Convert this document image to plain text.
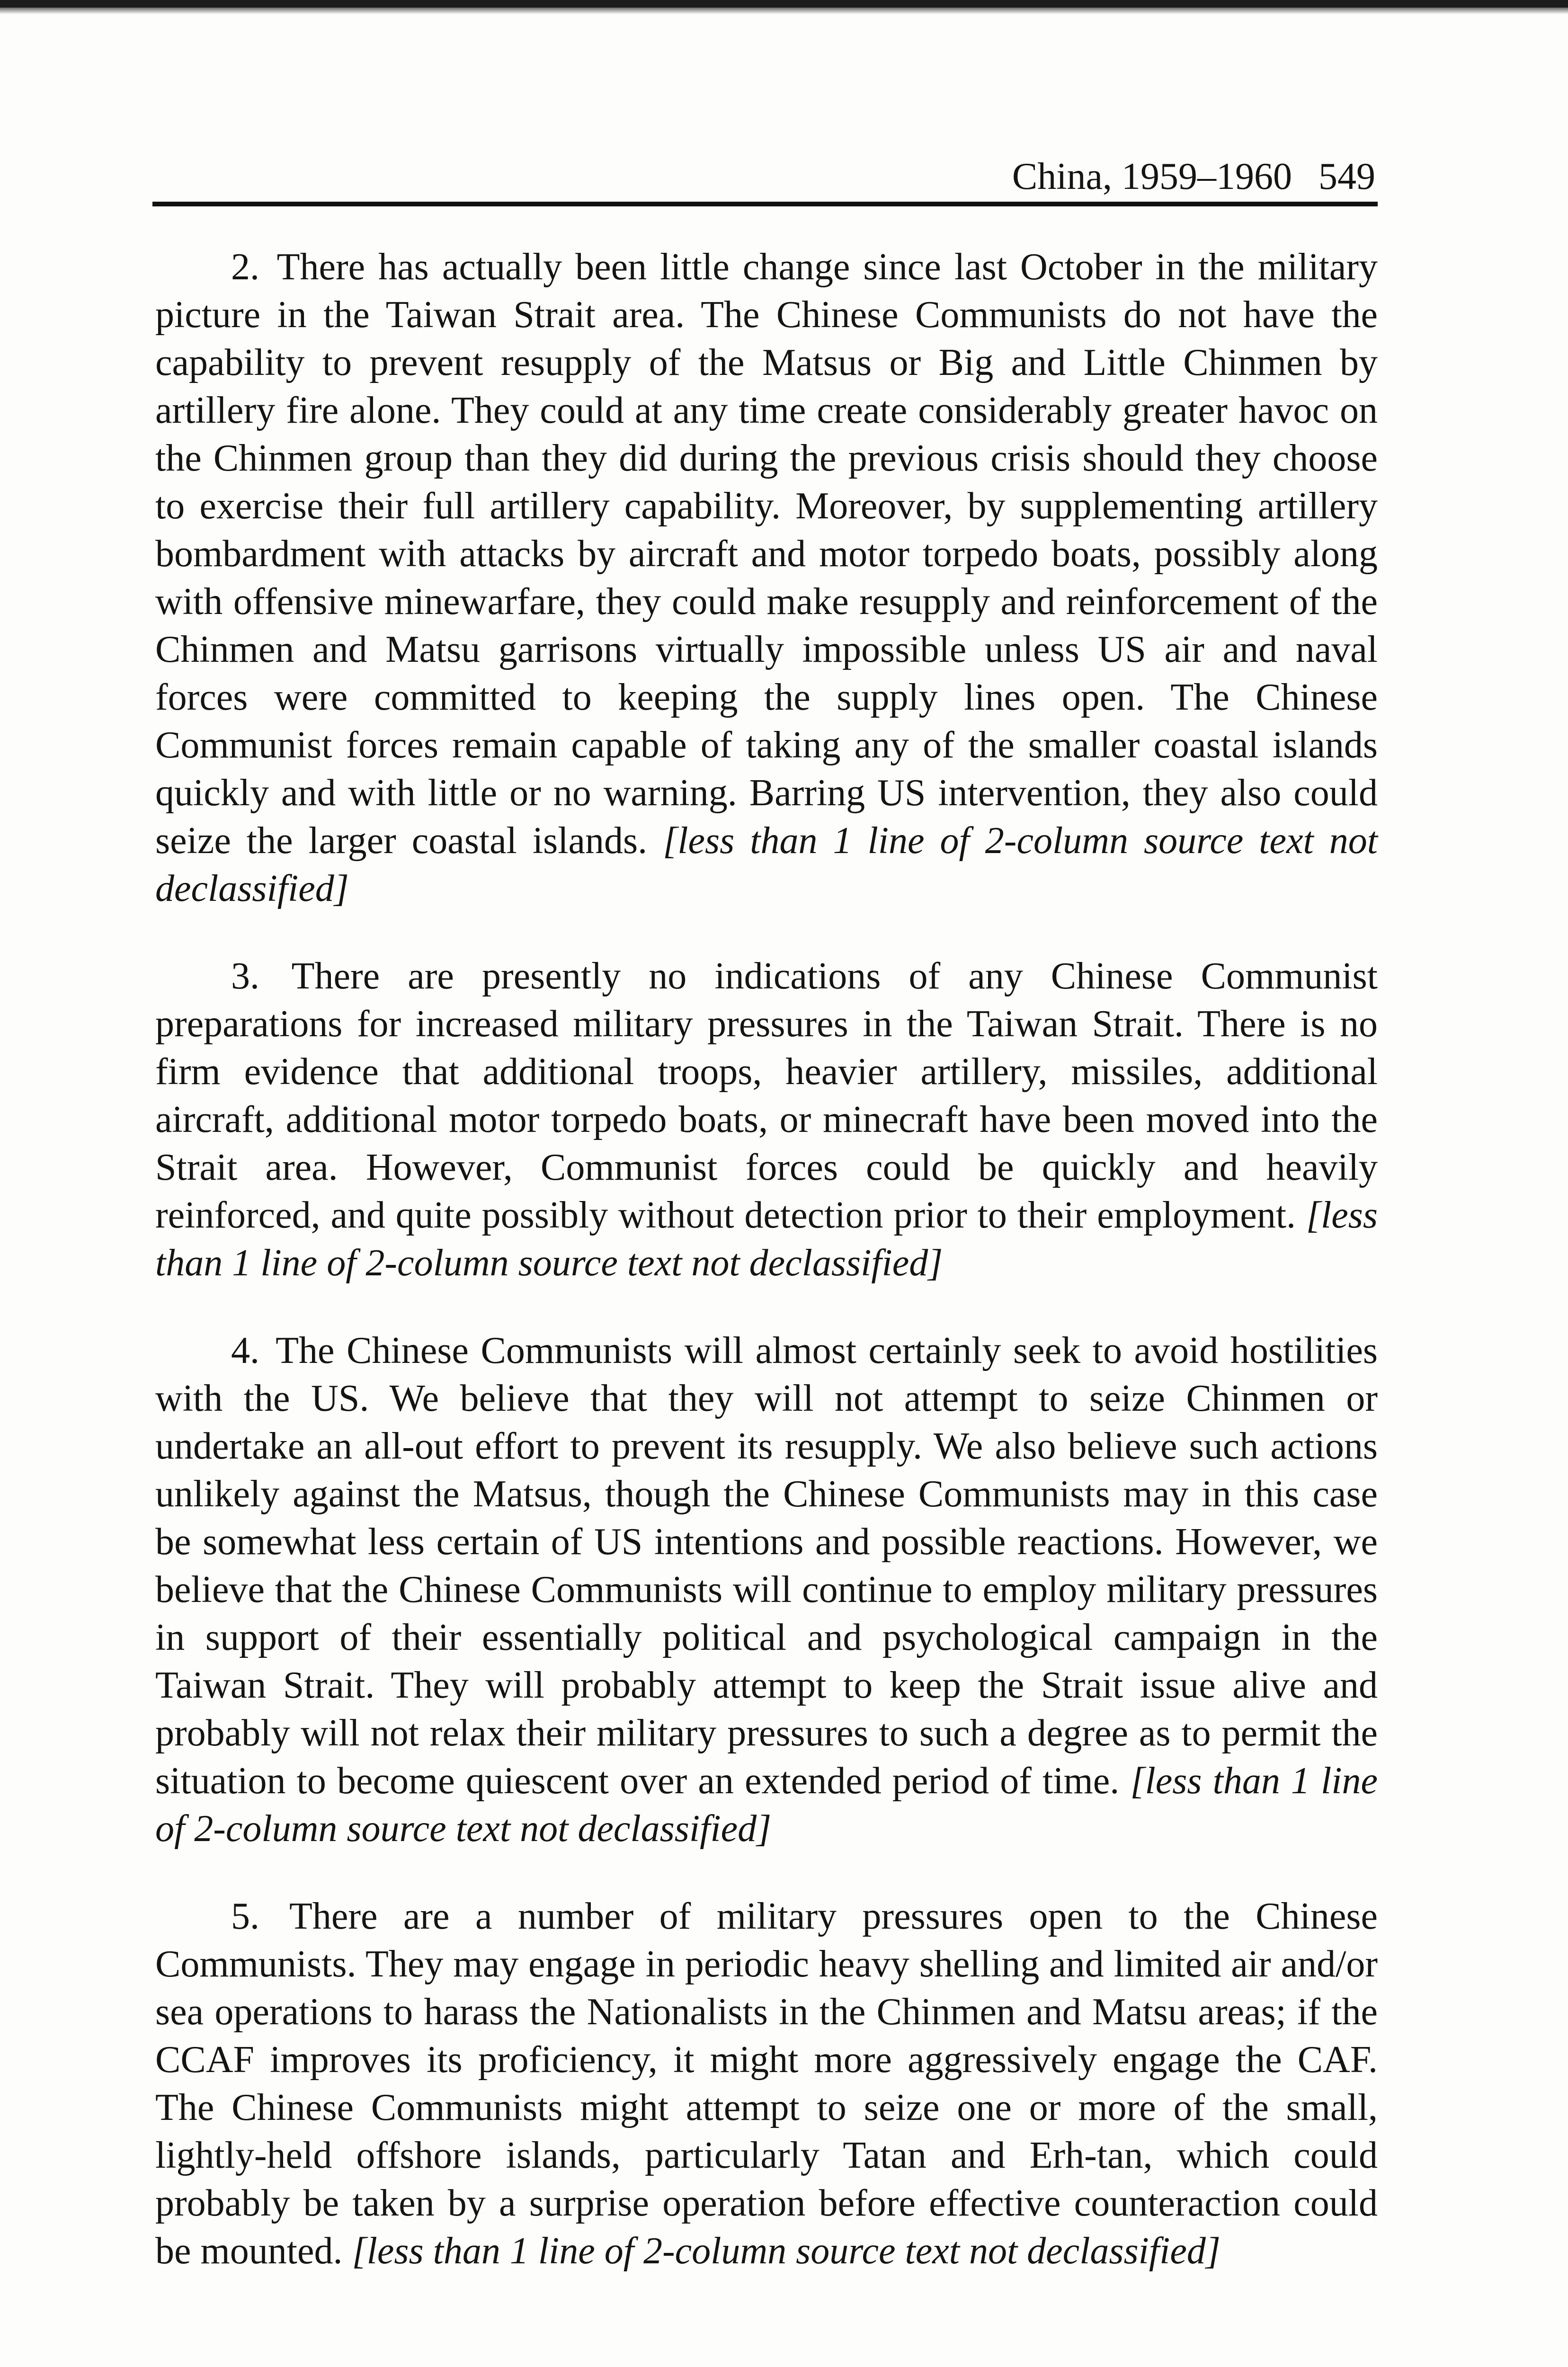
China, 1959–1960 549

2. There has actually been little change since last October in the military picture in the Taiwan Strait area. The Chinese Communists do not have the capability to prevent resupply of the Matsus or Big and Little Chinmen by artillery fire alone. They could at any time create considerably greater havoc on the Chinmen group than they did during the previous crisis should they choose to exercise their full artillery capability. Moreover, by supplementing artillery bombardment with attacks by aircraft and motor torpedo boats, possibly along with offensive minewarfare, they could make resupply and reinforcement of the Chinmen and Matsu garrisons virtually impossible unless US air and naval forces were committed to keeping the supply lines open. The Chinese Communist forces remain capable of taking any of the smaller coastal islands quickly and with little or no warning. Barring US intervention, they also could seize the larger coastal islands. [less than 1 line of 2-column source text not declassified]

3. There are presently no indications of any Chinese Communist preparations for increased military pressures in the Taiwan Strait. There is no firm evidence that additional troops, heavier artillery, missiles, additional aircraft, additional motor torpedo boats, or minecraft have been moved into the Strait area. However, Communist forces could be quickly and heavily reinforced, and quite possibly without detection prior to their employment. [less than 1 line of 2-column source text not declassified]

4. The Chinese Communists will almost certainly seek to avoid hostilities with the US. We believe that they will not attempt to seize Chinmen or undertake an all-out effort to prevent its resupply. We also believe such actions unlikely against the Matsus, though the Chinese Communists may in this case be somewhat less certain of US intentions and possible reactions. However, we believe that the Chinese Communists will continue to employ military pressures in support of their essentially political and psychological campaign in the Taiwan Strait. They will probably attempt to keep the Strait issue alive and probably will not relax their military pressures to such a degree as to permit the situation to become quiescent over an extended period of time. [less than 1 line of 2-column source text not declassified]

5. There are a number of military pressures open to the Chinese Communists. They may engage in periodic heavy shelling and limited air and/or sea operations to harass the Nationalists in the Chinmen and Matsu areas; if the CCAF improves its proficiency, it might more aggressively engage the CAF. The Chinese Communists might attempt to seize one or more of the small, lightly-held offshore islands, particularly Tatan and Erh-tan, which could probably be taken by a surprise operation before effective counteraction could be mounted. [less than 1 line of 2-column source text not declassified]
